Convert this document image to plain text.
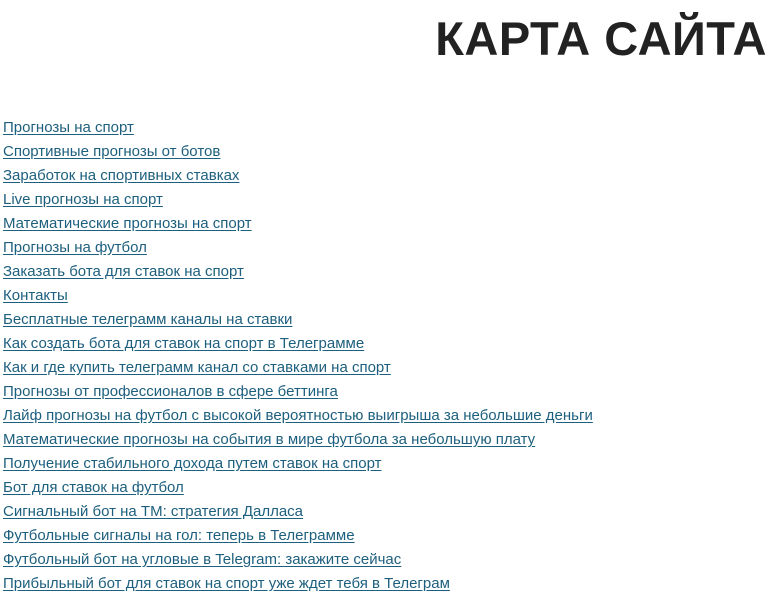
КАРТА САЙТА
Прогнозы на спорт
Спортивные прогнозы от ботов
Заработок на спортивных ставках
Live прогнозы на спорт
Математические прогнозы на спорт
Прогнозы на футбол
Заказать бота для ставок на спорт
Контакты
Бесплатные телеграмм каналы на ставки
Как создать бота для ставок на спорт в Телеграмме
Как и где купить телеграмм канал со ставками на спорт
Прогнозы от профессионалов в сфере беттинга
Лайф прогнозы на футбол с высокой вероятностью выигрыша за небольшие деньги
Математические прогнозы на события в мире футбола за небольшую плату
Получение стабильного дохода путем ставок на спорт
Бот для ставок на футбол
Сигнальный бот на ТМ: стратегия Далласа
Футбольные сигналы на гол: теперь в Телеграмме
Футбольный бот на угловые в Telegram: закажите сейчас
Прибыльный бот для ставок на спорт уже ждет тебя в Телеграм
